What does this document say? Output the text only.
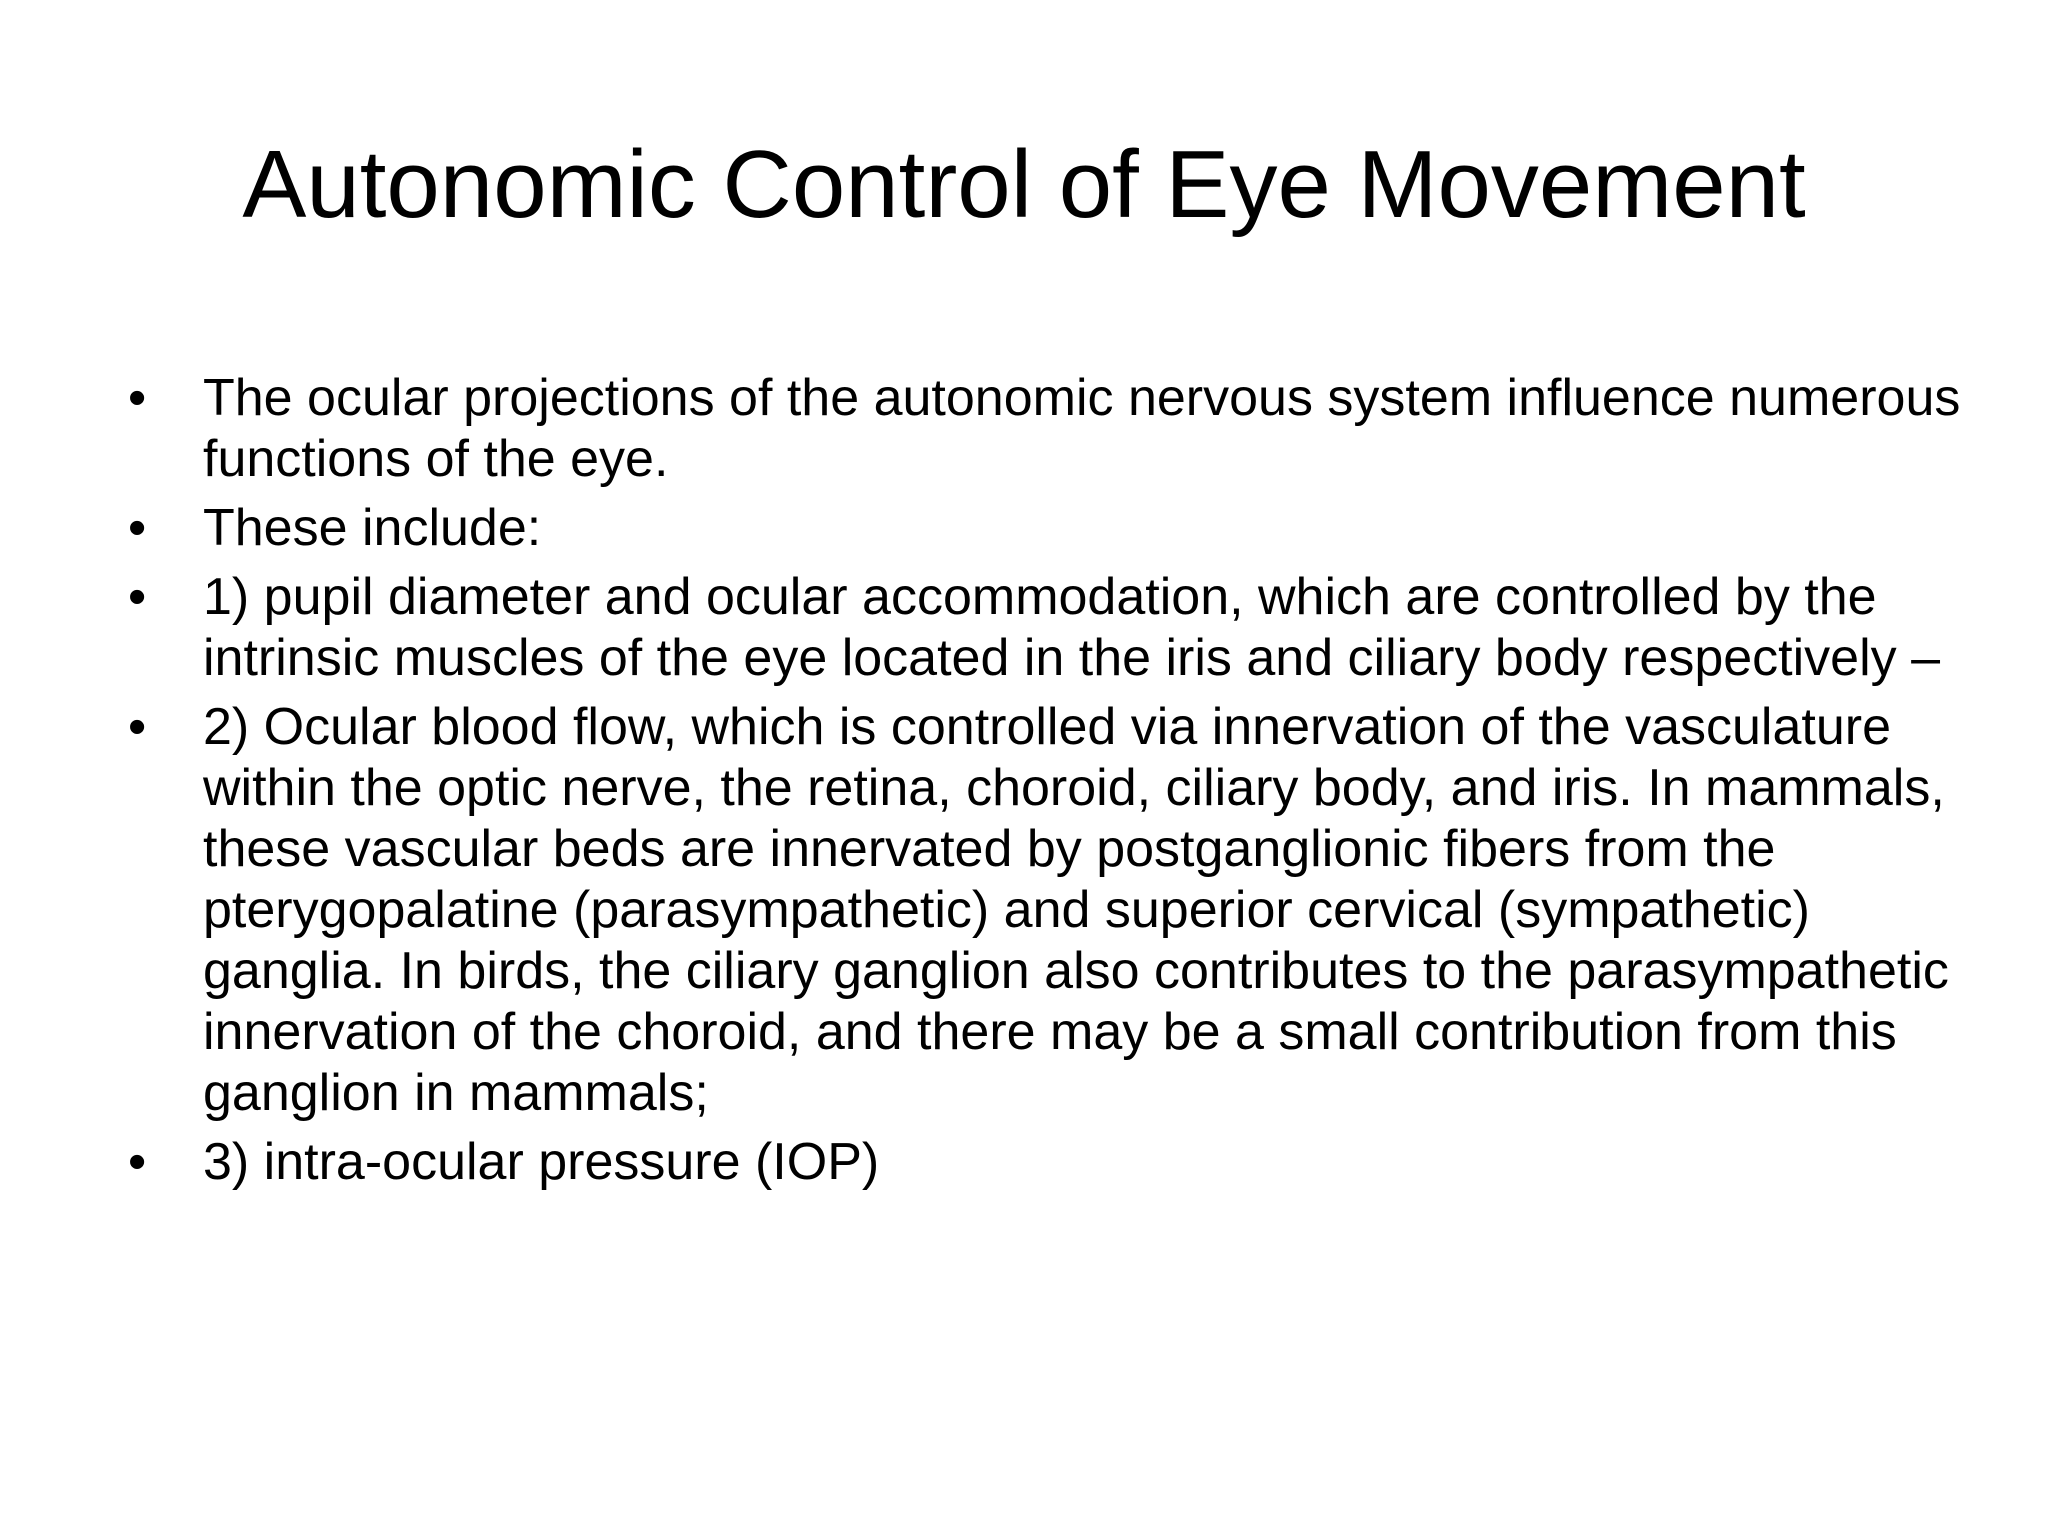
Autonomic Control of Eye Movement
•	The ocular projections of the autonomic nervous system influence numerous functions of the eye.
•	These include:
•	1) pupil diameter and ocular accommodation, which are controlled by the intrinsic muscles of the eye located in the iris and ciliary body respectively –
•	2) Ocular blood flow, which is controlled via innervation of the vasculature within the optic nerve, the retina, choroid, ciliary body, and iris. In mammals, these vascular beds are innervated by postganglionic fibers from the pterygopalatine (parasympathetic) and superior cervical (sympathetic) ganglia. In birds, the ciliary ganglion also contributes to the parasympathetic innervation of the choroid, and there may be a small contribution from this ganglion in mammals;
•	3) intra-ocular pressure (IOP)
